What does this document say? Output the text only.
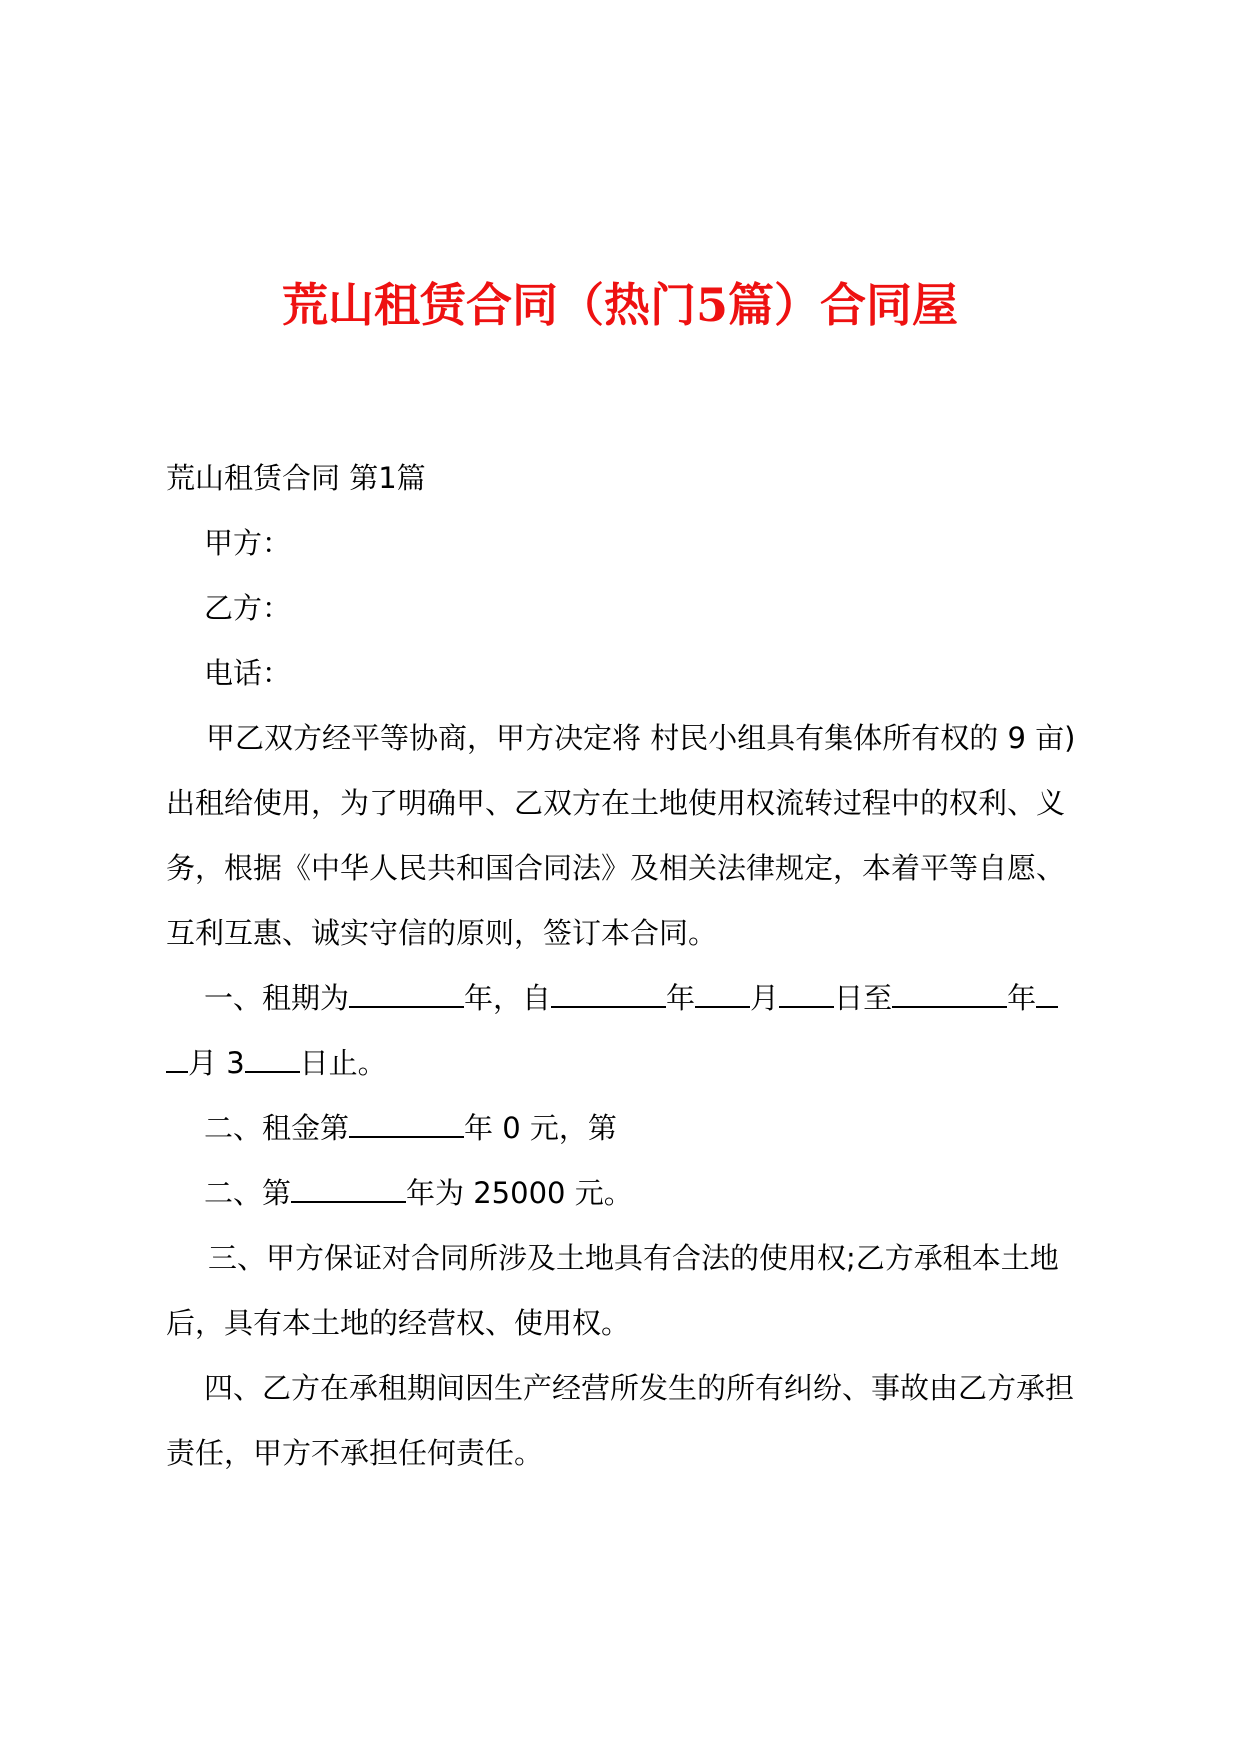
荒山租赁合同（热门5篇）合同屋

荒山租赁合同 第1篇

甲方：

乙方：

电话：

甲乙双方经平等协商，甲方决定将 村民小组具有集体所有权的 9 亩)

出租给使用，为了明确甲、乙双方在土地使用权流转过程中的权利、义

务，根据《中华人民共和国合同法》及相关法律规定，本着平等自愿、

互利互惠、诚实守信的原则，签订本合同。

一、租期为	年，自	年 月 日至	年

月 3 日止。

二、租金第	年 0 元，第

二、第	年为 25000 元。

三、甲方保证对合同所涉及土地具有合法的使用权;乙方承租本土地

后，具有本土地的经营权、使用权。

四、乙方在承租期间因生产经营所发生的所有纠纷、事故由乙方承担

责任，甲方不承担任何责任。
